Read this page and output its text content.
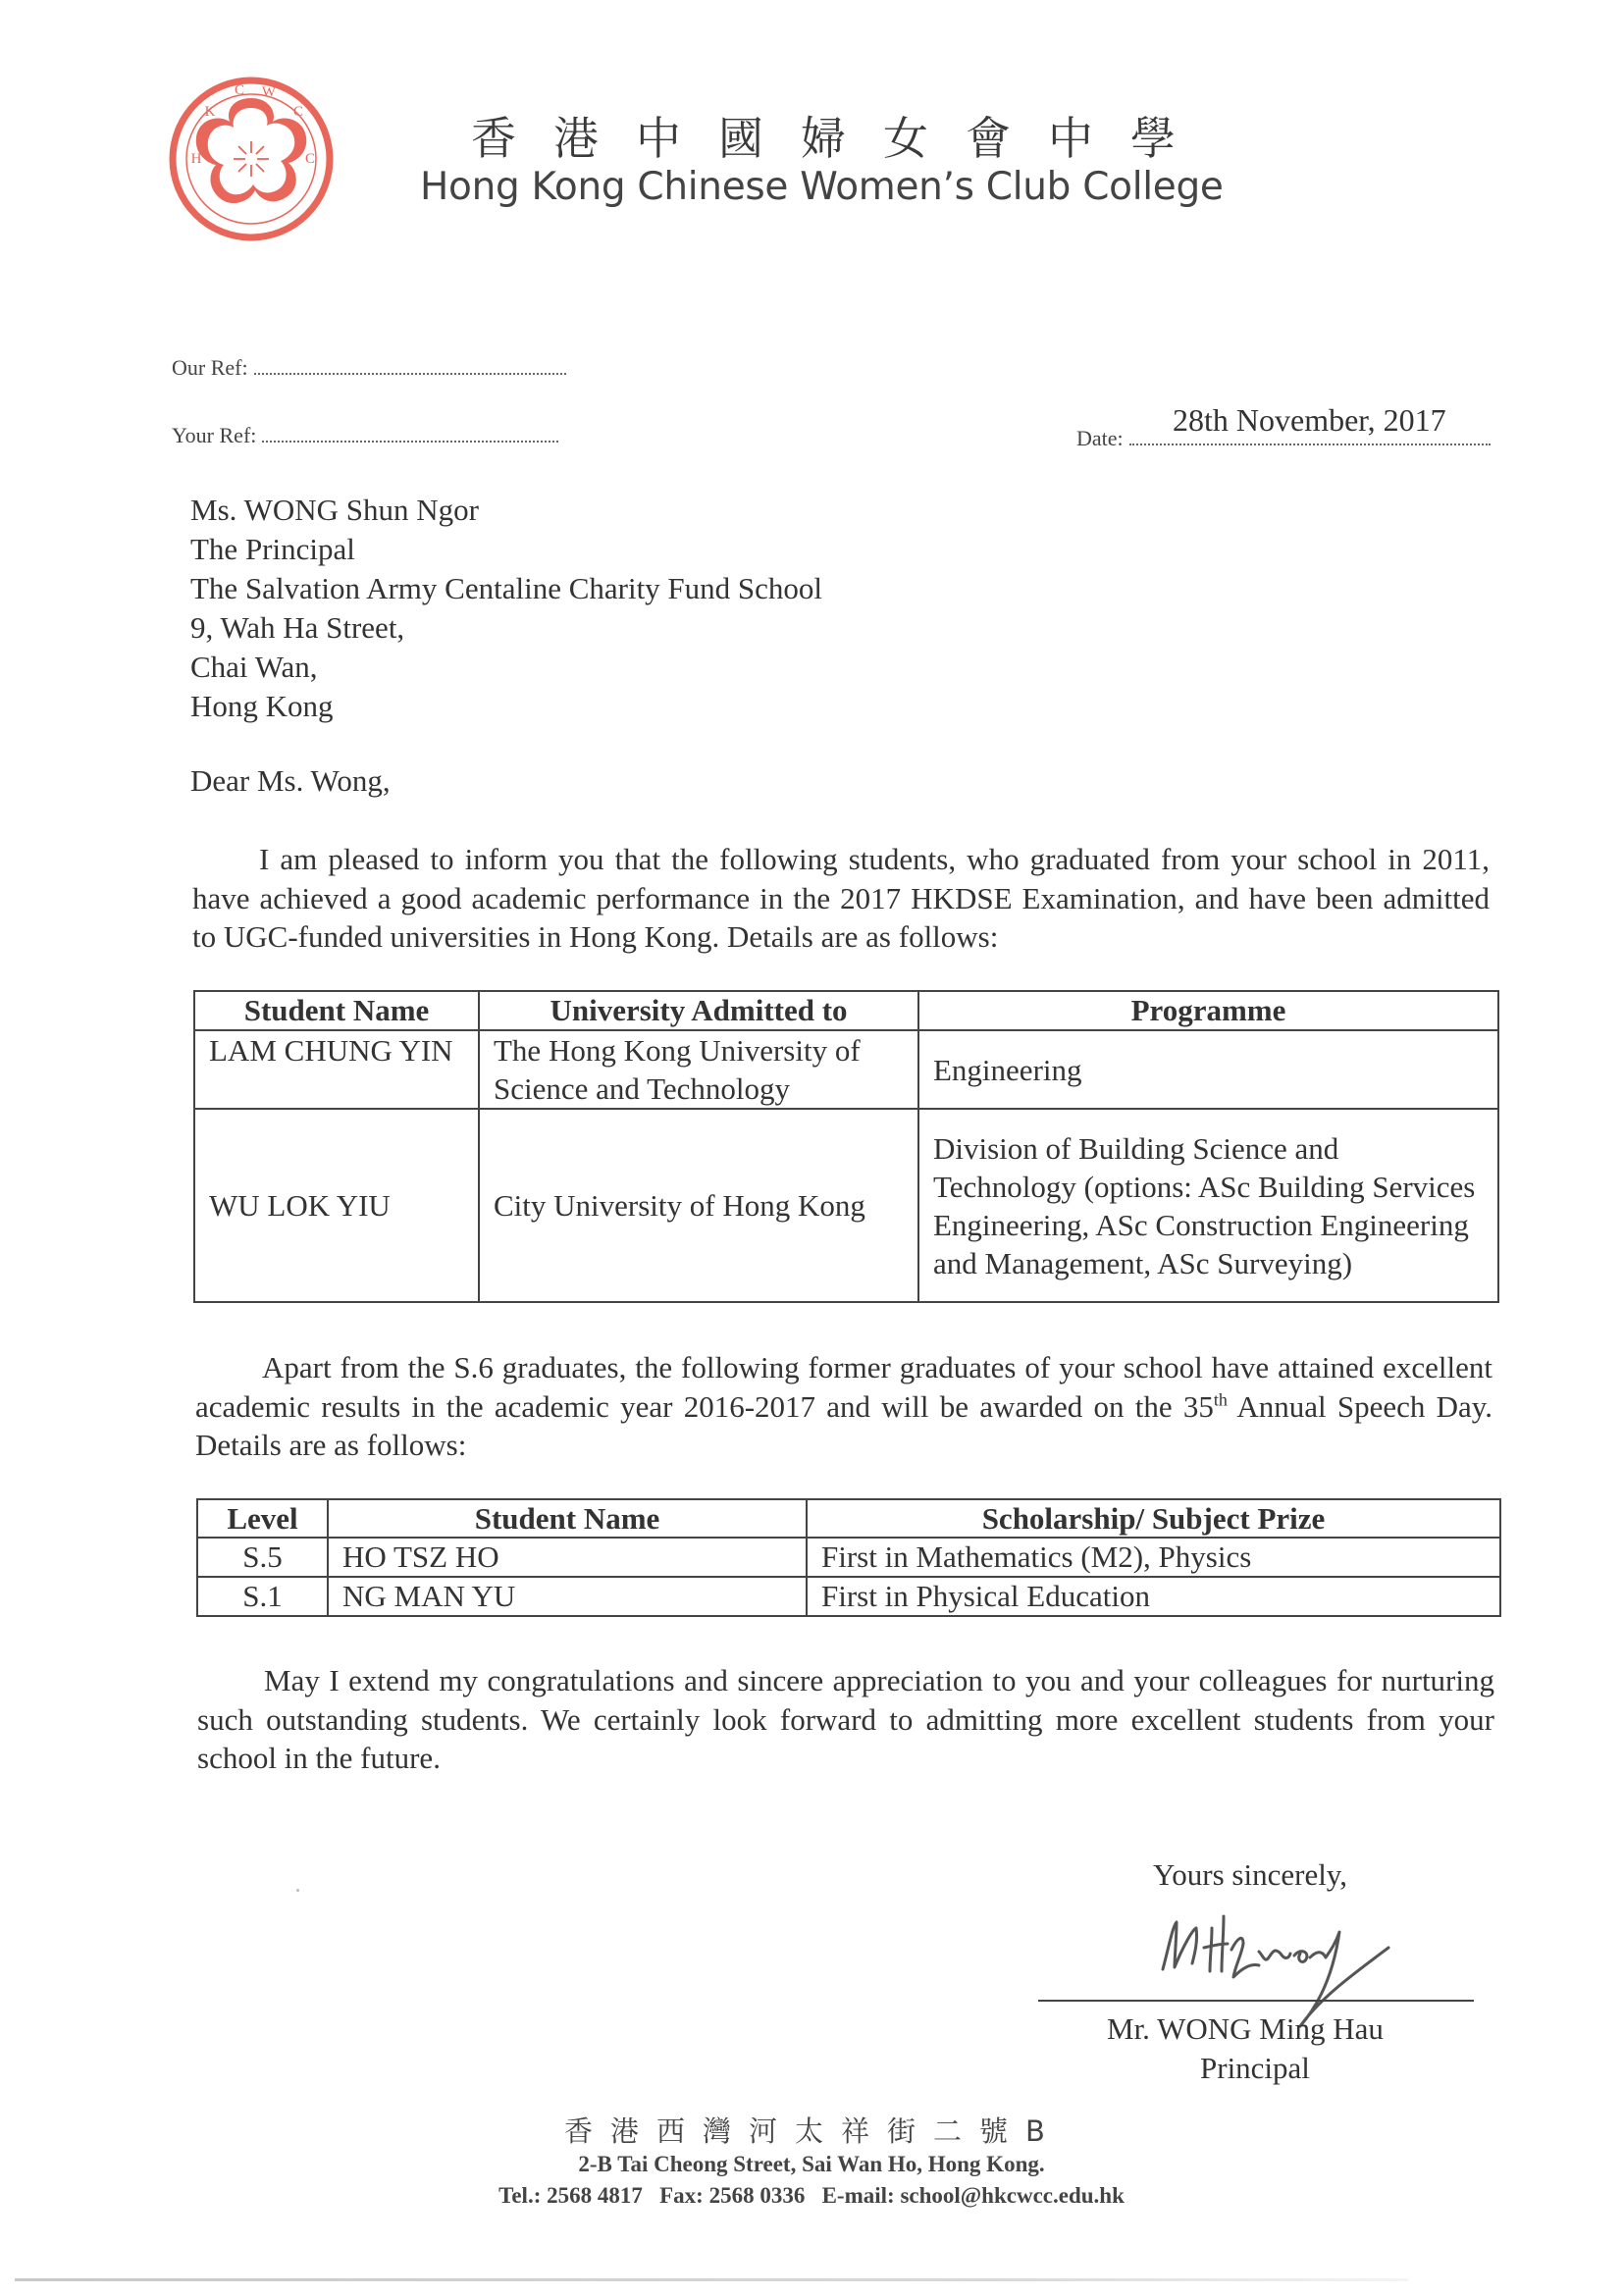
H
K
C W
C
C	香港中國婦女會中學
Hong Kong Chinese Women’s Club College
Our Ref:
Your Ref:	Date:
28th November, 2017
Ms. WONG Shun Ngor
The Principal
The Salvation Army Centaline Charity Fund School
9, Wah Ha Street,
Chai Wan,
Hong Kong
Dear Ms. Wong,
I am pleased to inform you that the following students, who graduated from your school in 2011, have achieved a good academic performance in the 2017 HKDSE Examination, and have been admitted to UGC-funded universities in Hong Kong. Details are as follows:
Student Name	University Admitted to	Programme
LAM CHUNG YIN	The Hong Kong University of Science and Technology	Engineering
WU LOK YIU	City University of Hong Kong	Division of Building Science and Technology (options: ASc Building Services Engineering, ASc Construction Engineering and Management, ASc Surveying)
Apart from the S.6 graduates, the following former graduates of your school have attained excellent academic results in the academic year 2016-2017 and will be awarded on the 35th Annual Speech Day. Details are as follows:
Level	Student Name	Scholarship/ Subject Prize
S.5	HO TSZ HO	First in Mathematics (M2), Physics
S.1	NG MAN YU	First in Physical Education
May I extend my congratulations and sincere appreciation to you and your colleagues for nurturing such outstanding students. We certainly look forward to admitting more excellent students from your school in the future.
Yours sincerely,
Mr. WONG Ming Hau
Principal
香港西灣河太祥街二號B
2-B Tai Cheong Street, Sai Wan Ho, Hong Kong.
Tel.: 2568 4817 Fax: 2568 0336 E-mail: school@hkcwcc.edu.hk
